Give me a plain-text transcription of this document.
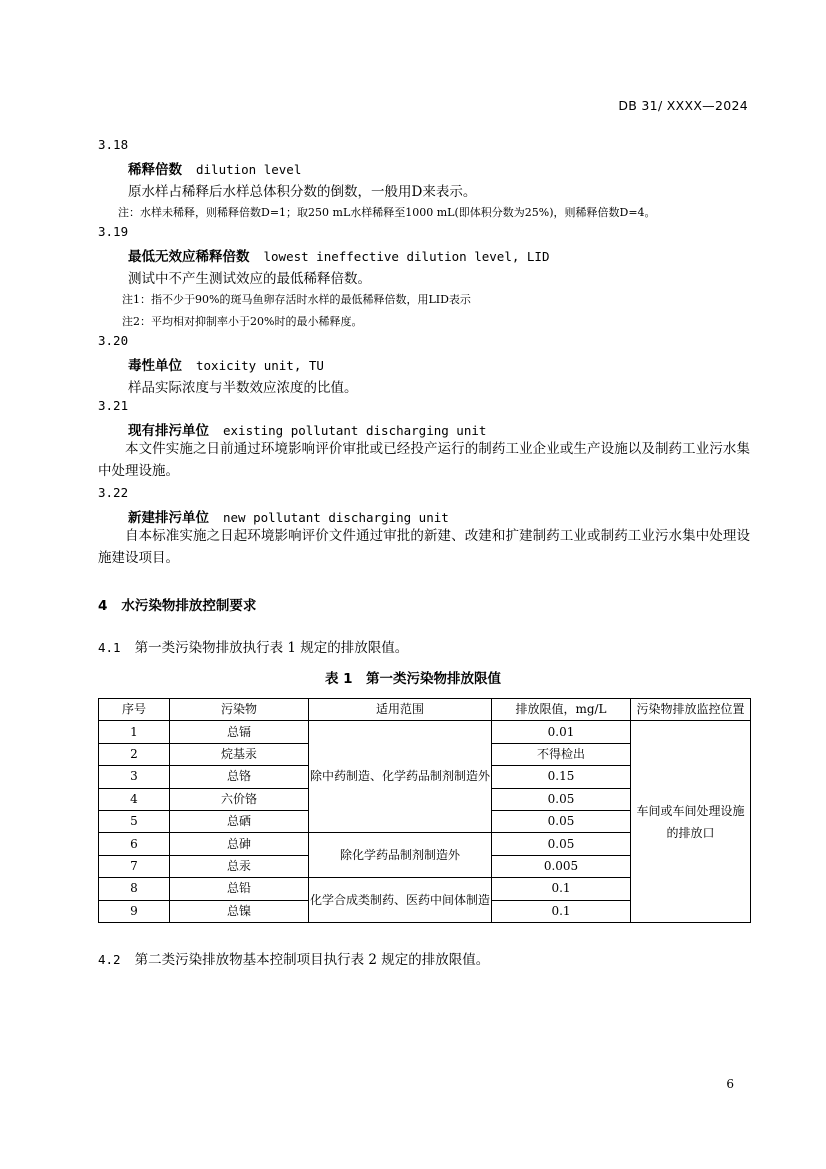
DB 31/ XXXX—2024
3.18
稀释倍数 dilution level
原水样占稀释后水样总体积分数的倒数，一般用D来表示。
注：水样未稀释，则稀释倍数D=1；取250 mL水样稀释至1000 mL(即体积分数为25%)，则稀释倍数D=4。
3.19
最低无效应稀释倍数 lowest ineffective dilution level, LID
测试中不产生测试效应的最低稀释倍数。
注1：指不少于90%的斑马鱼卵存活时水样的最低稀释倍数，用LID表示
注2：平均相对抑制率小于20%时的最小稀释度。
3.20
毒性单位 toxicity unit, TU
样品实际浓度与半数效应浓度的比值。
3.21
现有排污单位 existing pollutant discharging unit
本文件实施之日前通过环境影响评价审批或已经投产运行的制药工业企业或生产设施以及制药工业污水集中处理设施。
3.22
新建排污单位 new pollutant discharging unit
自本标准实施之日起环境影响评价文件通过审批的新建、改建和扩建制药工业或制药工业污水集中处理设施建设项目。
4 水污染物排放控制要求
4.1 第一类污染物排放执行表 1 规定的排放限值。
表 1　第一类污染物排放限值
序号	污染物	适用范围	排放限值，mg/L	污染物排放监控位置
1	总镉	除中药制造、化学药品制剂制造外	0.01	车间或车间处理设施
的排放口
2	烷基汞		不得检出	
3	总铬		0.15	
4	六价铬		0.05	
5	总硒		0.05	
6	总砷	除化学药品制剂制造外	0.05	
7	总汞		0.005	
8	总铅	化学合成类制药、医药中间体制造	0.1	
9	总镍		0.1	
4.2 第二类污染排放物基本控制项目执行表 2 规定的排放限值。
6
